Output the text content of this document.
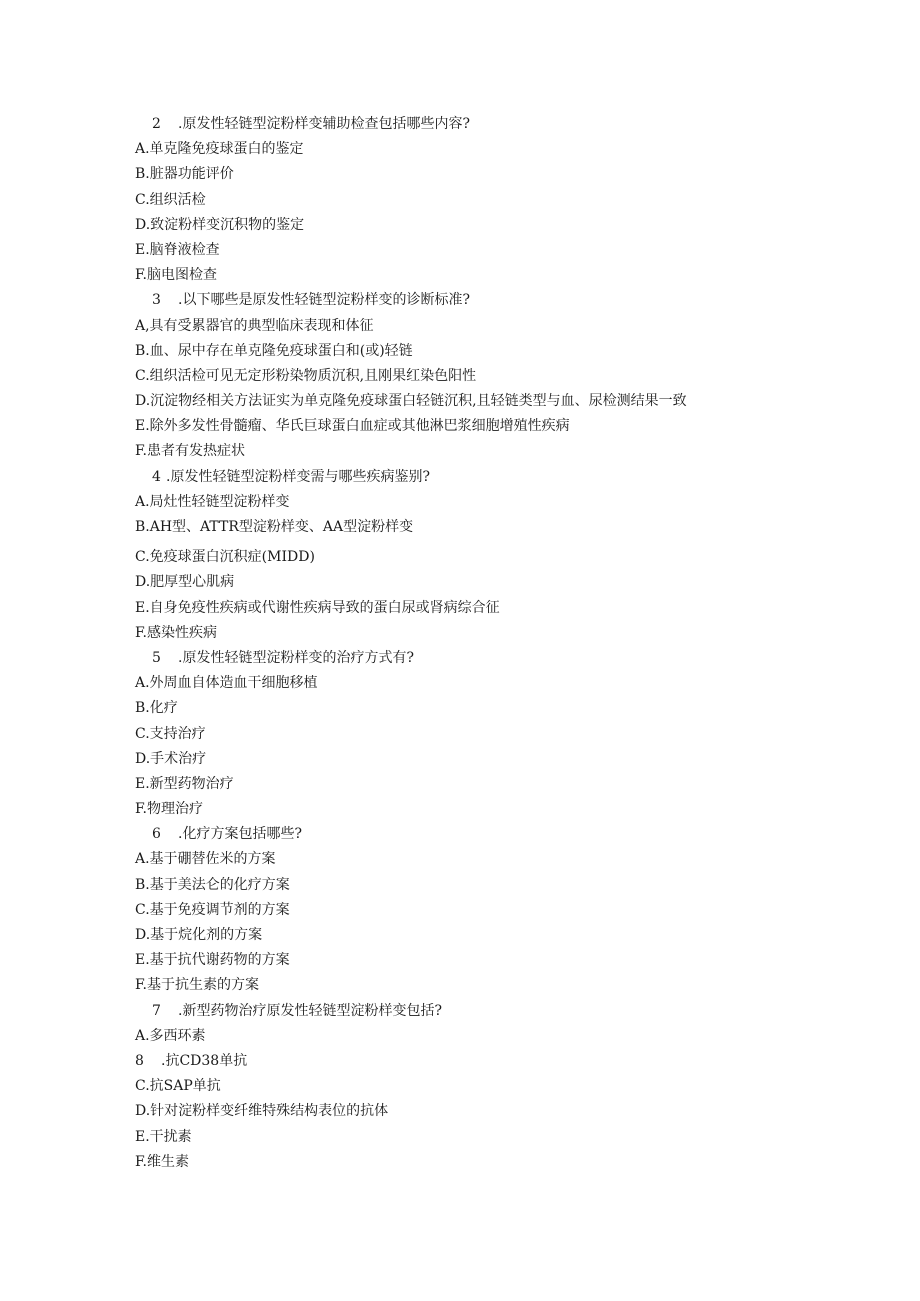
2 .原发性轻链型淀粉样变辅助检查包括哪些内容?
A.单克隆免疫球蛋白的鉴定
B.脏器功能评价
C.组织活检
D.致淀粉样变沉积物的鉴定
E.脑脊液检查
F.脑电图检查
3 .以下哪些是原发性轻链型淀粉样变的诊断标准?
A,具有受累器官的典型临床表现和体征
B.血、尿中存在单克隆免疫球蛋白和(或)轻链
C.组织活检可见无定形粉染物质沉积,且刚果红染色阳性
D.沉淀物经相关方法证实为单克隆免疫球蛋白轻链沉积,且轻链类型与血、尿检测结果一致
E.除外多发性骨髓瘤、华氏巨球蛋白血症或其他淋巴浆细胞增殖性疾病
F.患者有发热症状
4 .原发性轻链型淀粉样变需与哪些疾病鉴别?
A.局灶性轻链型淀粉样变
B.AH型、ATTR型淀粉样变、AA型淀粉样变
C.免疫球蛋白沉积症(MIDD)
D.肥厚型心肌病
E.自身免疫性疾病或代谢性疾病导致的蛋白尿或肾病综合征
F.感染性疾病
5 .原发性轻链型淀粉样变的治疗方式有?
A.外周血自体造血干细胞移植
B.化疗
C.支持治疗
D.手术治疗
E.新型药物治疗
F.物理治疗
6 .化疗方案包括哪些?
A.基于硼替佐米的方案
B.基于美法仑的化疗方案
C.基于免疫调节剂的方案
D.基于烷化剂的方案
E.基于抗代谢药物的方案
F.基于抗生素的方案
7 .新型药物治疗原发性轻链型淀粉样变包括?
A.多西环素
8 .抗CD38单抗
C.抗SAP单抗
D.针对淀粉样变纤维特殊结构表位的抗体
E.干扰素
F.维生素
